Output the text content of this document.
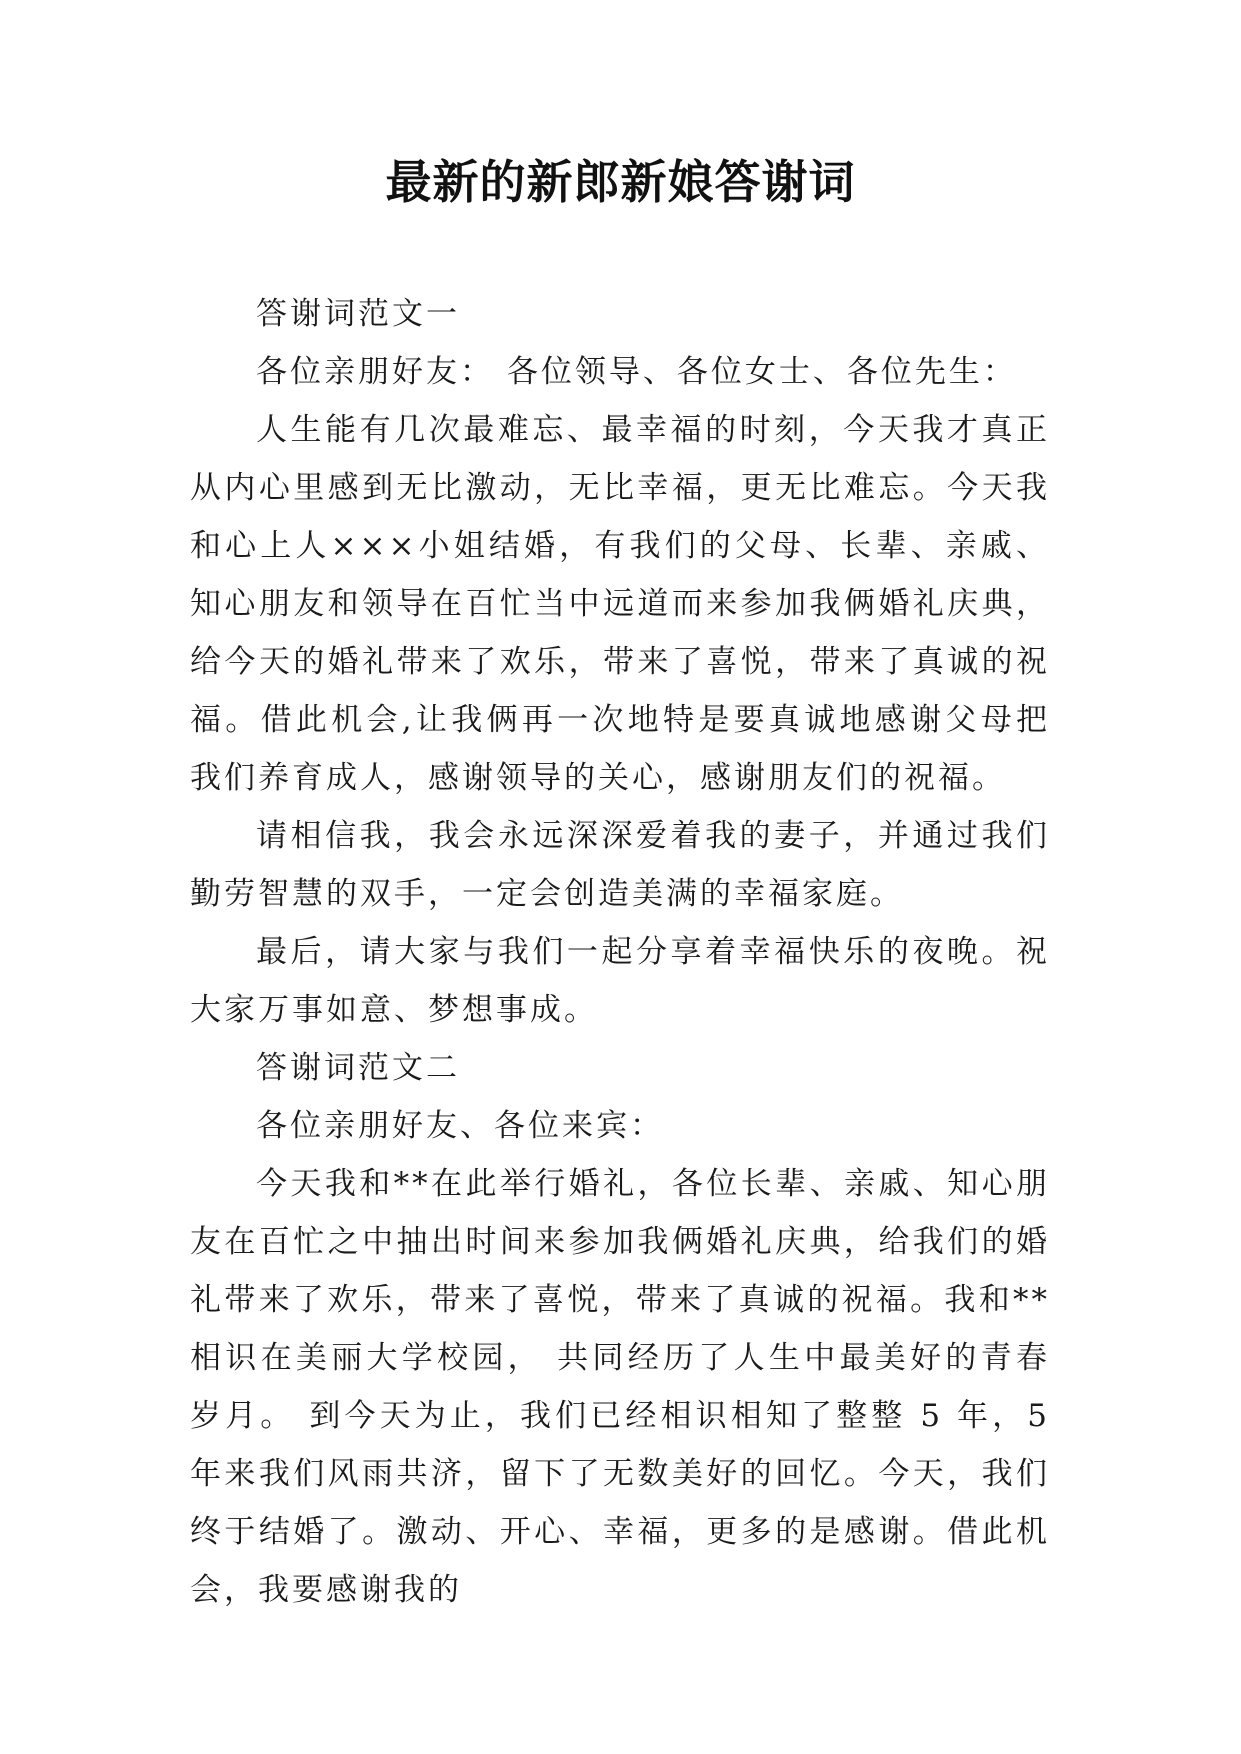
最新的新郎新娘答谢词

答谢词范文一

各位亲朋好友： 各位领导、各位女士、各位先生：

人生能有几次最难忘、最幸福的时刻，今天我才真正从内心里感到无比激动，无比幸福，更无比难忘。今天我和心上人×××小姐结婚，有我们的父母、长辈、亲戚、知心朋友和领导在百忙当中远道而来参加我俩婚礼庆典，给今天的婚礼带来了欢乐，带来了喜悦，带来了真诚的祝福。借此机会,让我俩再一次地特是要真诚地感谢父母把我们养育成人，感谢领导的关心，感谢朋友们的祝福。

请相信我，我会永远深深爱着我的妻子，并通过我们勤劳智慧的双手，一定会创造美满的幸福家庭。

最后，请大家与我们一起分享着幸福快乐的夜晚。祝大家万事如意、梦想事成。

答谢词范文二

各位亲朋好友、各位来宾：

今天我和**在此举行婚礼，各位长辈、亲戚、知心朋友在百忙之中抽出时间来参加我俩婚礼庆典，给我们的婚礼带来了欢乐，带来了喜悦，带来了真诚的祝福。我和**相识在美丽大学校园， 共同经历了人生中最美好的青春岁月。 到今天为止，我们已经相识相知了整整 5 年，5 年来我们风雨共济，留下了无数美好的回忆。今天，我们终于结婚了。激动、开心、幸福，更多的是感谢。借此机会，我要感谢我的
